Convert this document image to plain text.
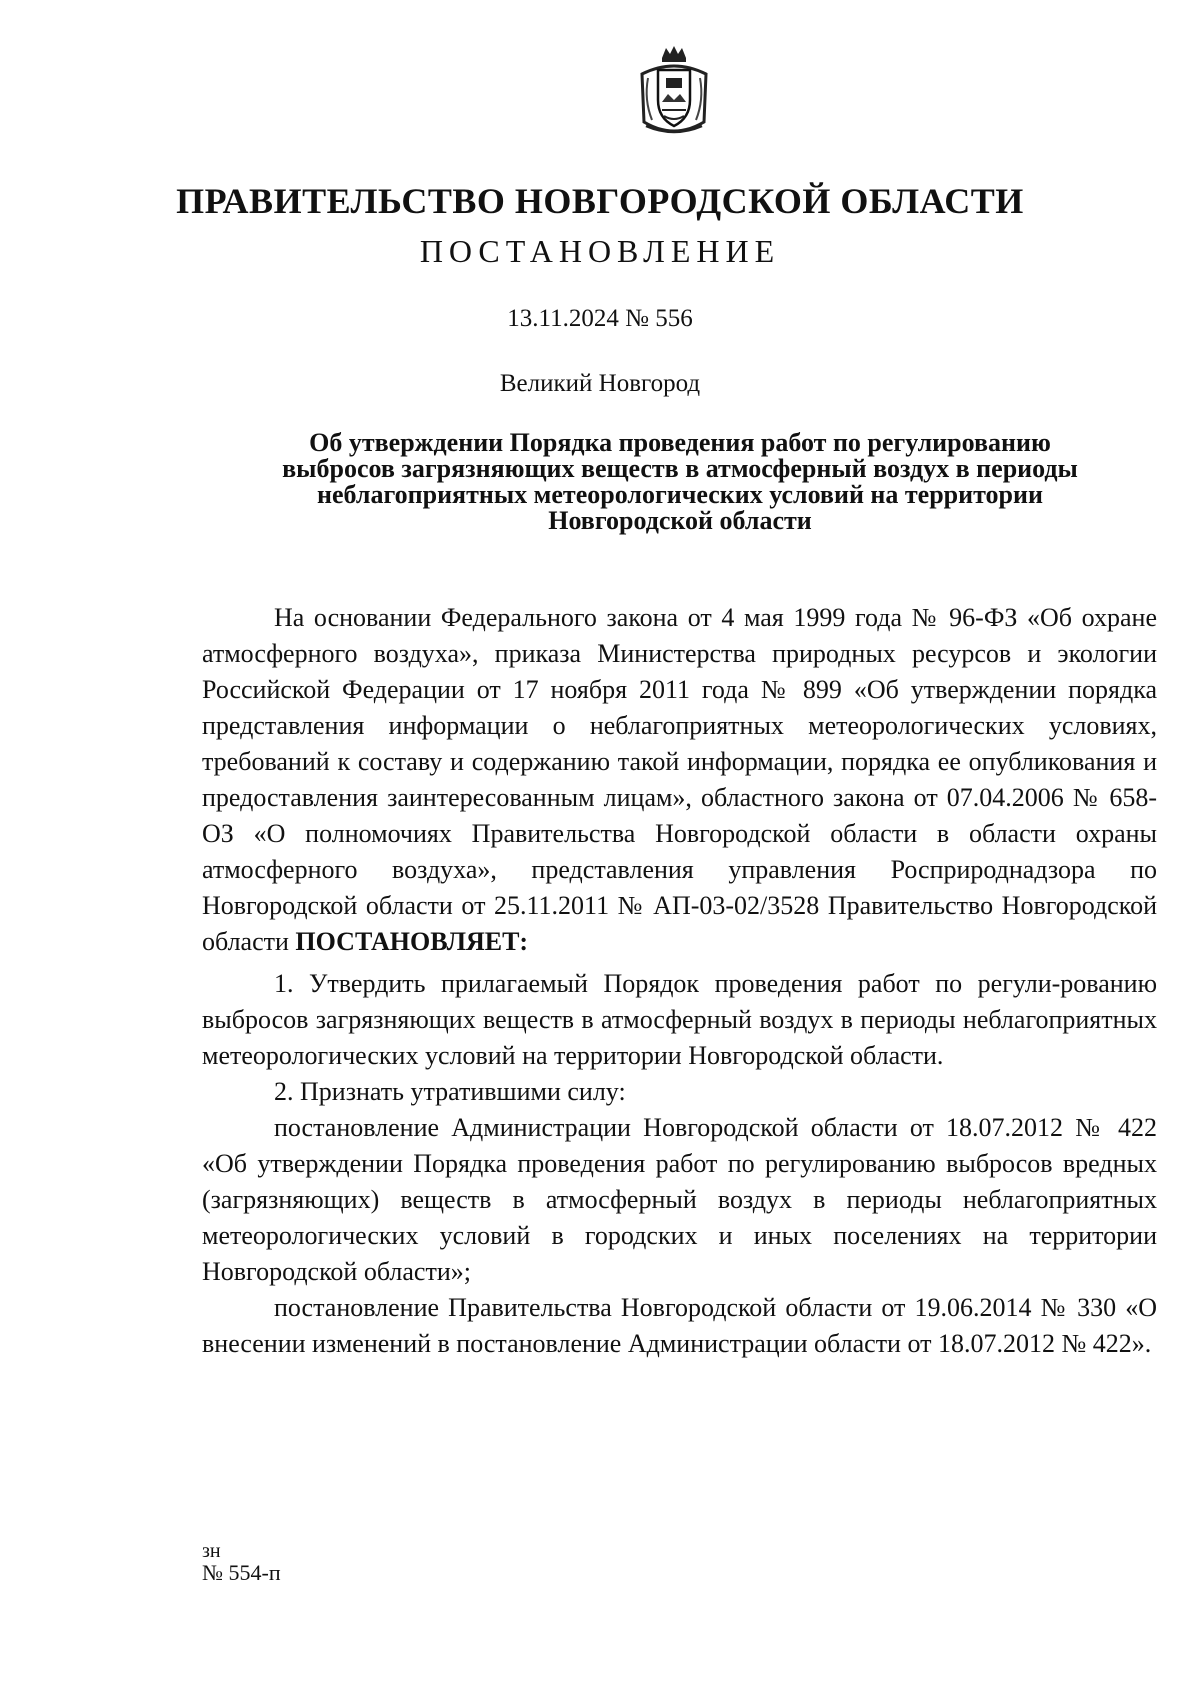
ПРАВИТЕЛЬСТВО НОВГОРОДСКОЙ ОБЛАСТИ
ПОСТАНОВЛЕНИЕ
13.11.2024 № 556
Великий Новгород
Об утверждении Порядка проведения работ по регулированию
выбросов загрязняющих веществ в атмосферный воздух в периоды
неблагоприятных метеорологических условий на территории
Новгородской области

На основании Федерального закона от 4 мая 1999 года № 96-ФЗ «Об охране атмосферного воздуха», приказа Министерства природных ресурсов и экологии Российской Федерации от 17 ноября 2011 года № 899 «Об утверждении порядка представления информации о неблагоприятных метеорологических условиях, требований к составу и содержанию такой информации, порядка ее опубликования и предоставления заинтересованным лицам», областного закона от 07.04.2006 № 658-ОЗ «О полномочиях Правительства Новгородской области в области охраны атмосферного воздуха», представления управления Росприроднадзора по Новгородской области от 25.11.2011 № АП-03-02/3528 Правительство Новгородской области ПОСТАНОВЛЯЕТ:

1. Утвердить прилагаемый Порядок проведения работ по регули-рованию выбросов загрязняющих веществ в атмосферный воздух в периоды неблагоприятных метеорологических условий на территории Новгородской области.

2. Признать утратившими силу:

постановление Администрации Новгородской области от 18.07.2012 № 422 «Об утверждении Порядка проведения работ по регулированию выбросов вредных (загрязняющих) веществ в атмосферный воздух в периоды неблагоприятных метеорологических условий в городских и иных поселениях на территории Новгородской области»;

постановление Правительства Новгородской области от 19.06.2014 № 330 «О внесении изменений в постановление Администрации области от 18.07.2012 № 422».

зн
№ 554-п
